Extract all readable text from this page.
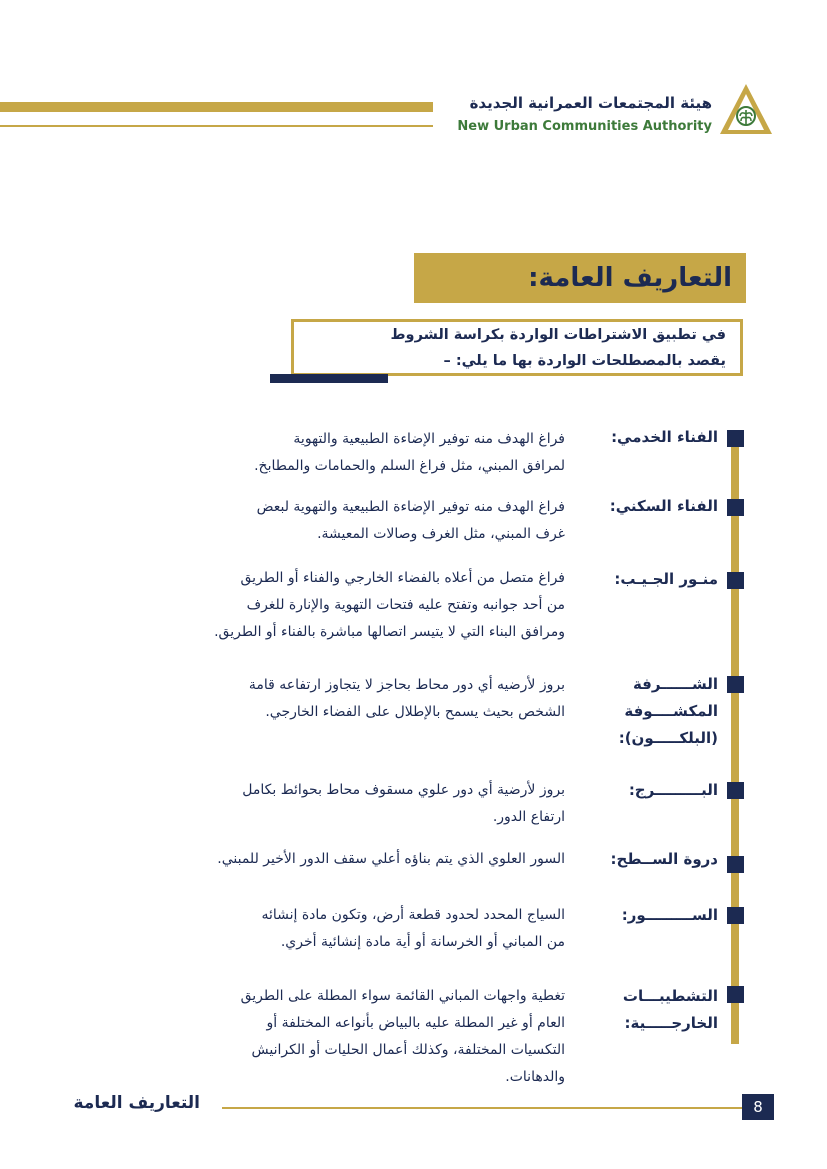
هيئة المجتمعات العمرانية الجديدة
New Urban Communities Authority
التعاريف العامة:
في تطبيق الاشتراطات الواردة بكراسة الشروط
يقصد بالمصطلحات الواردة بها ما يلي: –
الفناء الخدمي:
فراغ الهدف منه توفير الإضاءة الطبيعية والتهوية
لمرافق المبني، مثل فراغ السلم والحمامات والمطابخ.
الفناء السكني:
فراغ الهدف منه توفير الإضاءة الطبيعية والتهوية لبعض
غرف المبني، مثل الغرف وصالات المعيشة.
منـور الجـيـب:
فراغ متصل من أعلاه بالفضاء الخارجي والفناء أو الطريق
من أحد جوانبه وتفتح عليه فتحات التهوية والإنارة للغرف
ومرافق البناء التي لا يتيسر اتصالها مباشرة بالفناء أو الطريق.
الشــــــرفة
المكشــــوفة
(البلكـــــون):
بروز لأرضيه أي دور محاط بحاجز لا يتجاوز ارتفاعه قامة
الشخص بحيث يسمح بالإطلال على الفضاء الخارجي.
البـــــــــرج:
بروز لأرضية أي دور علوي مسقوف محاط بحوائط بكامل
ارتفاع الدور.
دروة الســطح:
السور العلوي الذي يتم بناؤه أعلي سقف الدور الأخير للمبني.
الســـــــــور:
السياج المحدد لحدود قطعة أرض، وتكون مادة إنشائه
من المباني أو الخرسانة أو أية مادة إنشائية أخري.
التشطيبـــات
الخارجـــــية:
تغطية واجهات المباني القائمة سواء المطلة على الطريق
العام أو غير المطلة عليه بالبياض بأنواعه المختلفة أو
التكسيات المختلفة، وكذلك أعمال الحليات أو الكرانيش
والدهانات.
التعاريف العامة	8
